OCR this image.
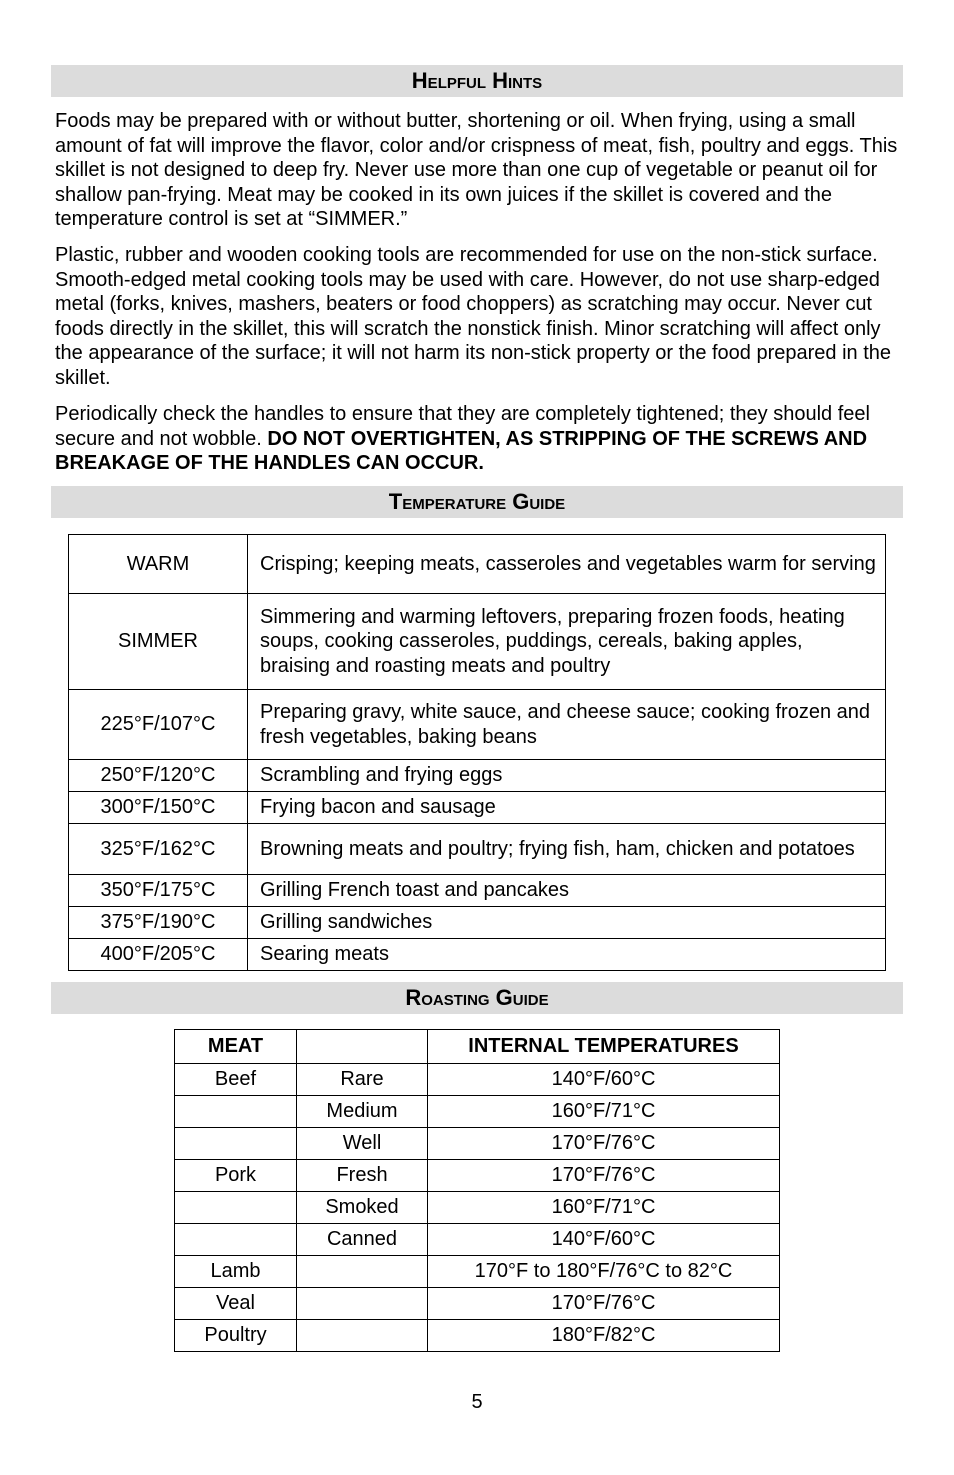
Helpful Hints

Foods may be prepared with or without butter, shortening or oil. When frying, using a small amount of fat will improve the flavor, color and/or crispness of meat, fish, poultry and eggs. This skillet is not designed to deep fry. Never use more than one cup of vegetable or peanut oil for shallow pan-frying. Meat may be cooked in its own juices if the skillet is covered and the temperature control is set at “SIMMER.”

Plastic, rubber and wooden cooking tools are recommended for use on the non-stick surface. Smooth-edged metal cooking tools may be used with care. However, do not use sharp-edged metal (forks, knives, mashers, beaters or food choppers) as scratching may occur. Never cut foods directly in the skillet, this will scratch the nonstick finish. Minor scratching will affect only the appearance of the surface; it will not harm its non-stick property or the food prepared in the skillet.

Periodically check the handles to ensure that they are completely tightened; they should feel secure and not wobble. DO NOT OVERTIGHTEN, AS STRIPPING OF THE SCREWS AND BREAKAGE OF THE HANDLES CAN OCCUR.

Temperature Guide
WARM	Crisping; keeping meats, casseroles and vegetables warm for serving
SIMMER	Simmering and warming leftovers, preparing frozen foods, heating soups, cooking casseroles, puddings, cereals, baking apples, braising and roasting meats and poultry
225°F/107°C	Preparing gravy, white sauce, and cheese sauce; cooking frozen and fresh vegetables, baking beans
250°F/120°C	Scrambling and frying eggs
300°F/150°C	Frying bacon and sausage
325°F/162°C	Browning meats and poultry; frying fish, ham, chicken and potatoes
350°F/175°C	Grilling French toast and pancakes
375°F/190°C	Grilling sandwiches
400°F/205°C	Searing meats
Roasting Guide
MEAT		INTERNAL TEMPERATURES
Beef	Rare	140°F/60°C
	Medium	160°F/71°C
	Well	170°F/76°C
Pork	Fresh	170°F/76°C
	Smoked	160°F/71°C
	Canned	140°F/60°C
Lamb		170°F to 180°F/76°C to 82°C
Veal		170°F/76°C
Poultry		180°F/82°C
5
